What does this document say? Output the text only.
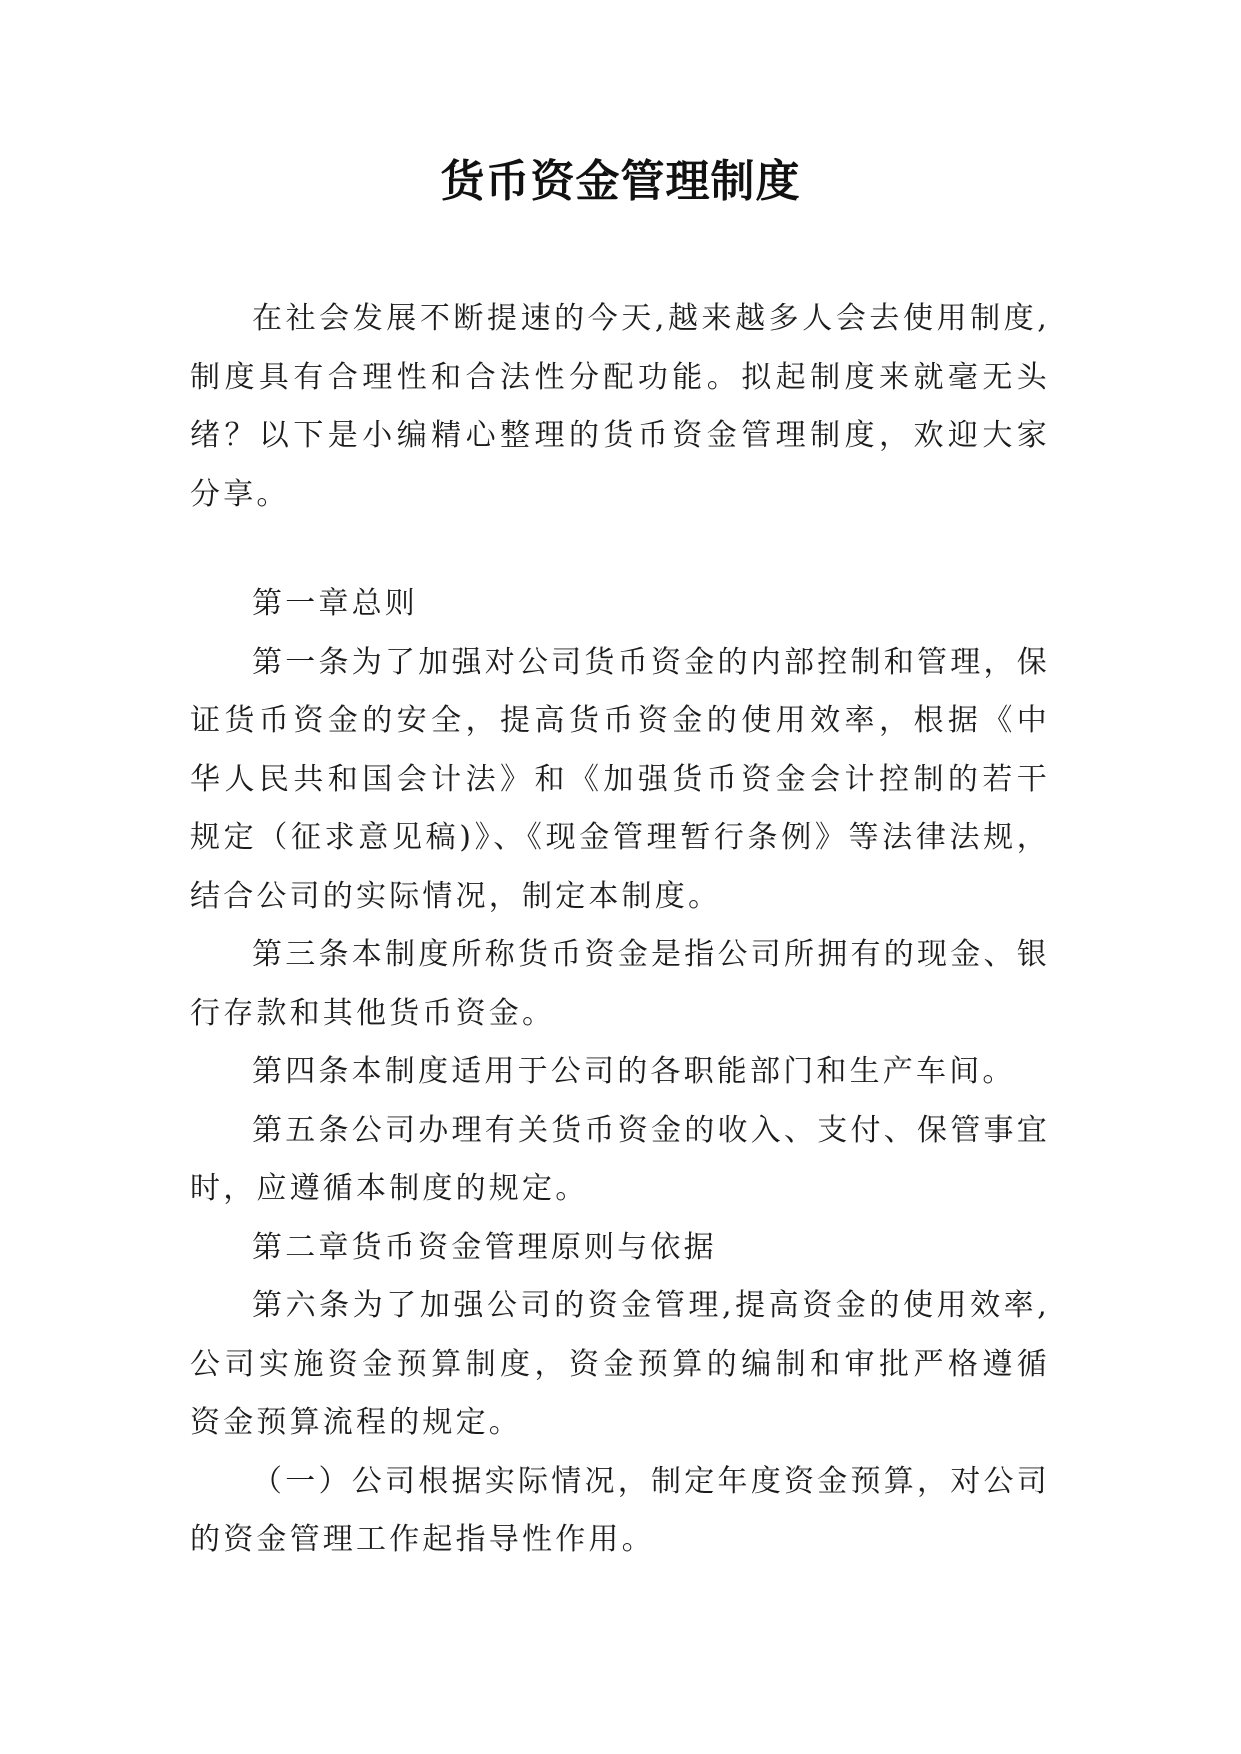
货币资金管理制度

在社会发展不断提速的今天,越来越多人会去使用制度,制度具有合理性和合法性分配功能。拟起制度来就毫无头绪？以下是小编精心整理的货币资金管理制度，欢迎大家分享。

第一章总则

第一条为了加强对公司货币资金的内部控制和管理，保证货币资金的安全，提高货币资金的使用效率，根据《中华人民共和国会计法》和《加强货币资金会计控制的若干规定（征求意见稿)》、《现金管理暂行条例》等法律法规，结合公司的实际情况，制定本制度。

第三条本制度所称货币资金是指公司所拥有的现金、银行存款和其他货币资金。

第四条本制度适用于公司的各职能部门和生产车间。

第五条公司办理有关货币资金的收入、支付、保管事宜时，应遵循本制度的规定。

第二章货币资金管理原则与依据

第六条为了加强公司的资金管理,提高资金的使用效率,公司实施资金预算制度，资金预算的编制和审批严格遵循资金预算流程的规定。

（一）公司根据实际情况，制定年度资金预算，对公司的资金管理工作起指导性作用。
